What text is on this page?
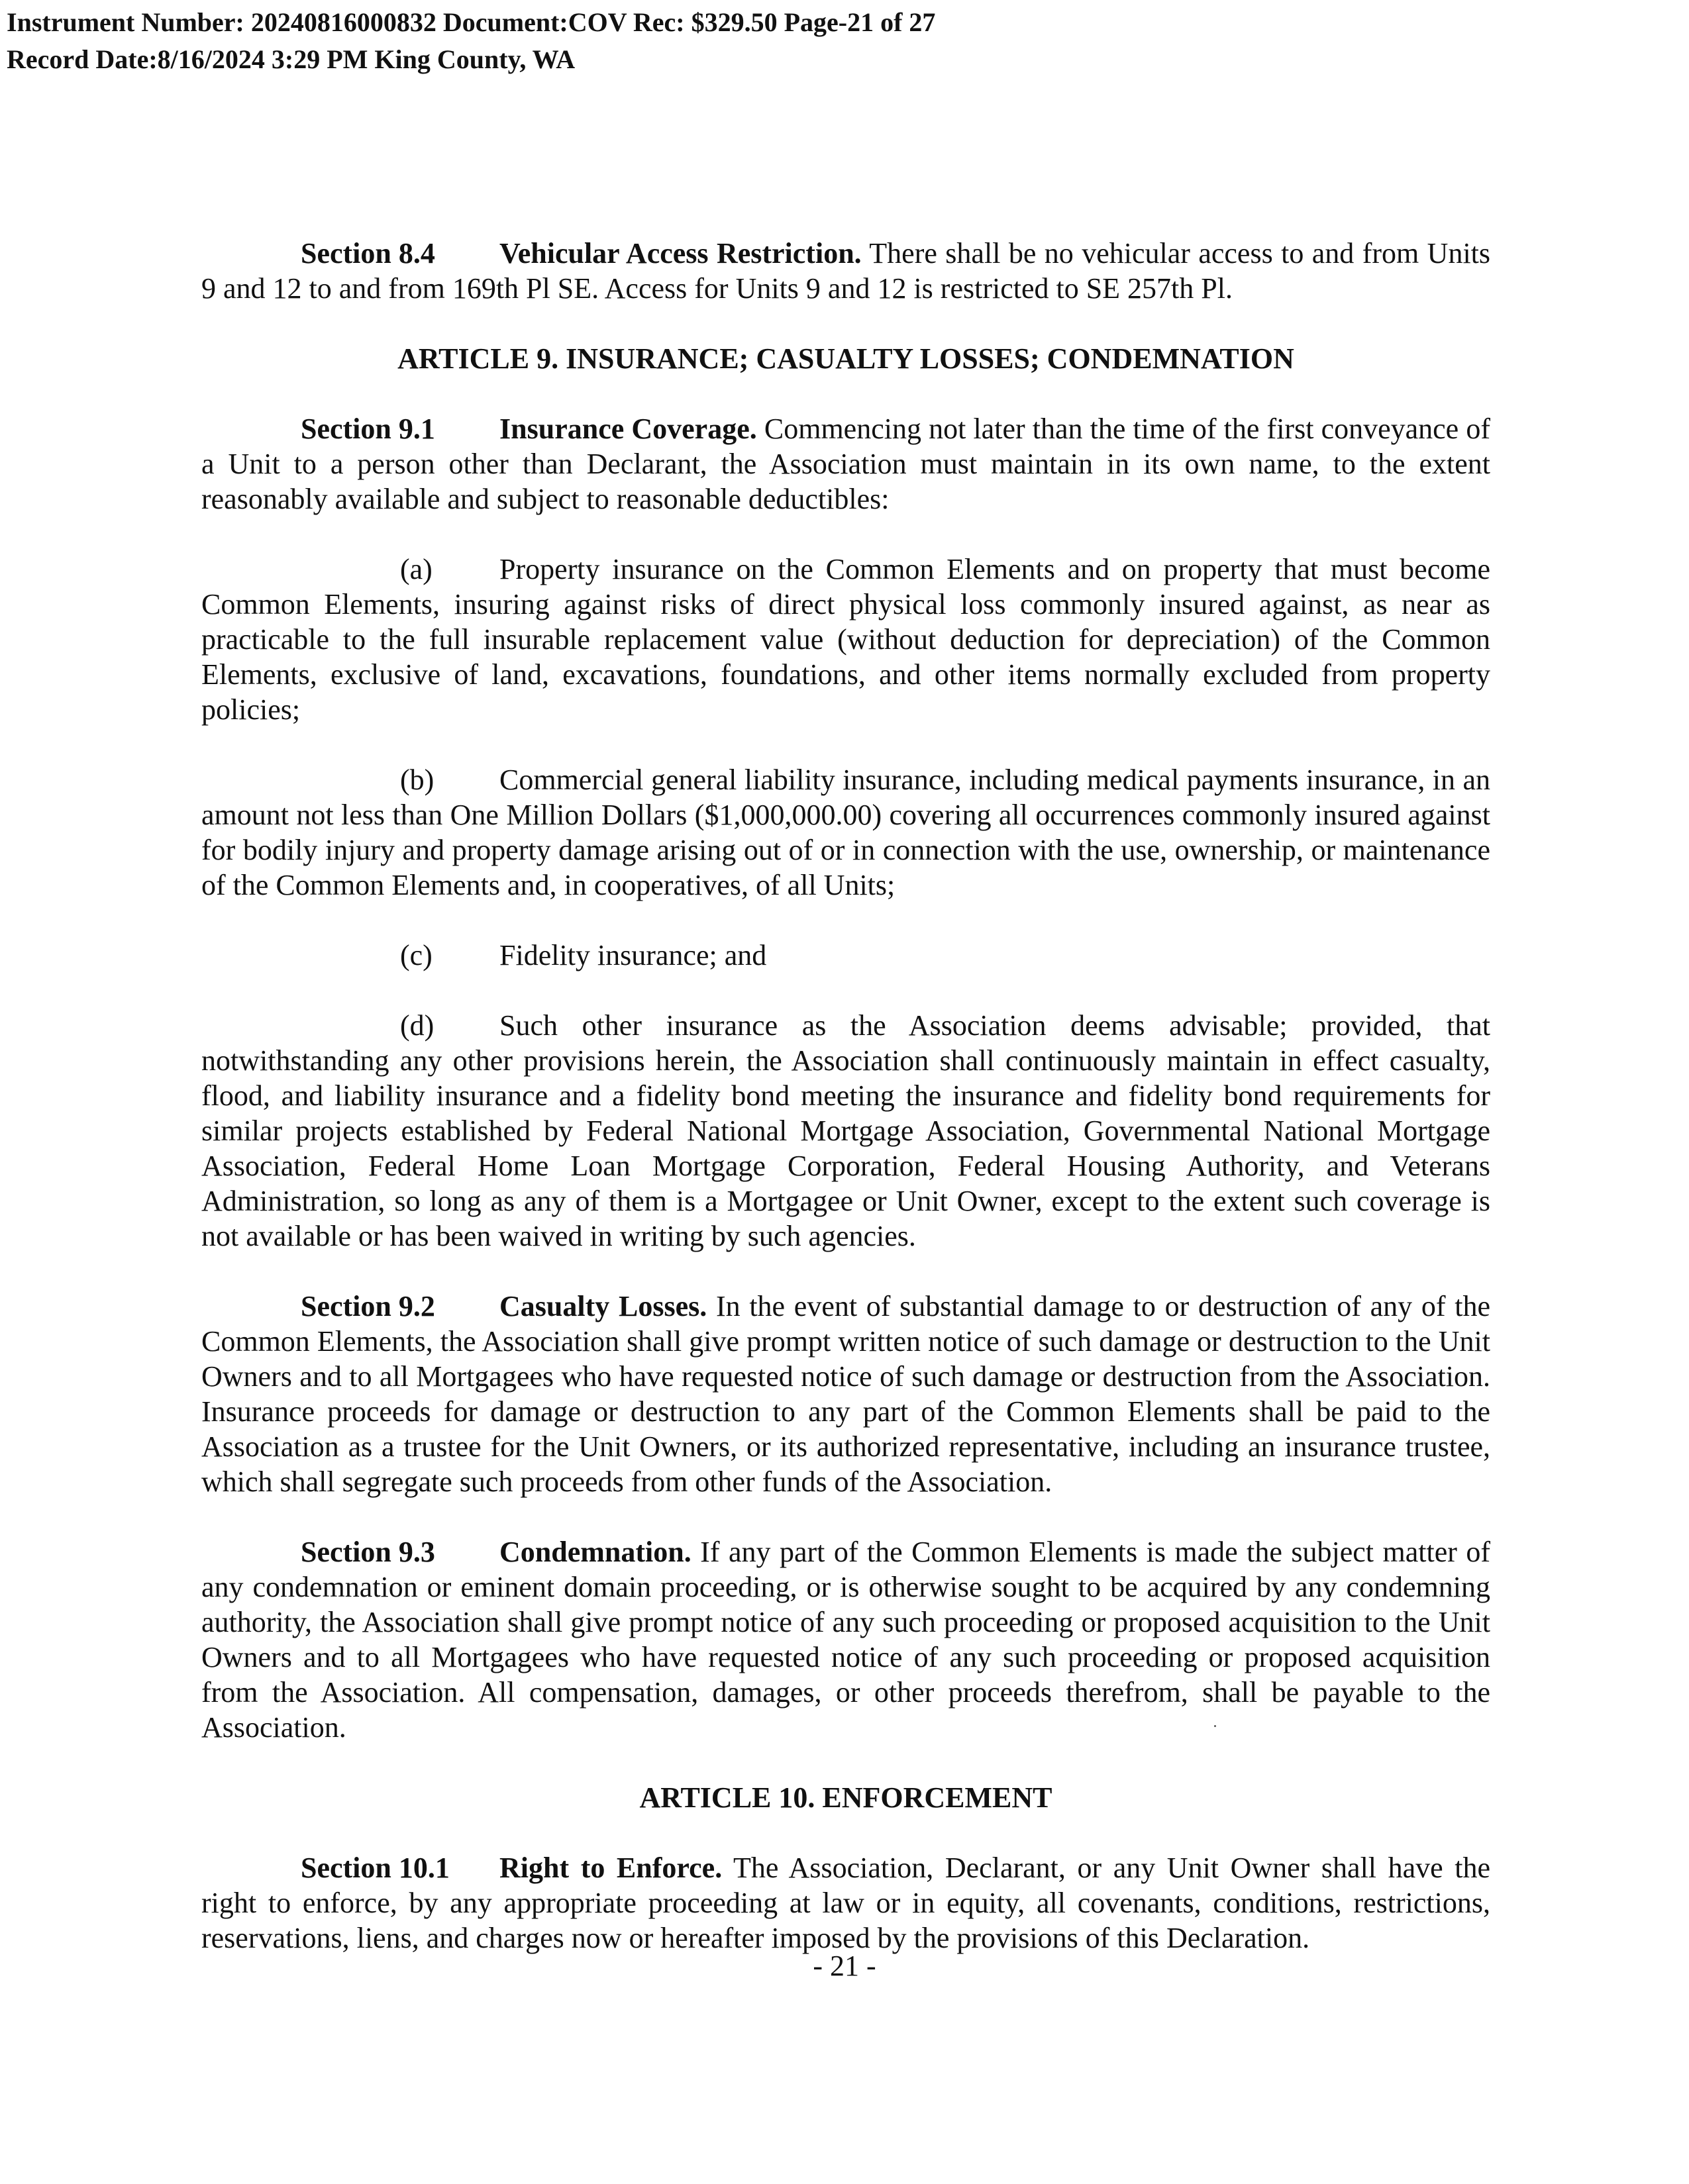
Instrument Number: 20240816000832 Document:COV Rec: $329.50 Page-21 of 27
Record Date:8/16/2024 3:29 PM King County, WA

Section 8.4 Vehicular Access Restriction. There shall be no vehicular access to and from Units 9 and 12 to and from 169th Pl SE. Access for Units 9 and 12 is restricted to SE 257th Pl.

ARTICLE 9. INSURANCE; CASUALTY LOSSES; CONDEMNATION

Section 9.1 Insurance Coverage. Commencing not later than the time of the first conveyance of a Unit to a person other than Declarant, the Association must maintain in its own name, to the extent reasonably available and subject to reasonable deductibles:

(a) Property insurance on the Common Elements and on property that must become Common Elements, insuring against risks of direct physical loss commonly insured against, as near as practicable to the full insurable replacement value (without deduction for depreciation) of the Common Elements, exclusive of land, excavations, foundations, and other items normally excluded from property policies;

(b) Commercial general liability insurance, including medical payments insurance, in an amount not less than One Million Dollars ($1,000,000.00) covering all occurrences commonly insured against for bodily injury and property damage arising out of or in connection with the use, ownership, or maintenance of the Common Elements and, in cooperatives, of all Units;

(c) Fidelity insurance; and

(d) Such other insurance as the Association deems advisable; provided, that notwithstanding any other provisions herein, the Association shall continuously maintain in effect casualty, flood, and liability insurance and a fidelity bond meeting the insurance and fidelity bond requirements for similar projects established by Federal National Mortgage Association, Governmental National Mortgage Association, Federal Home Loan Mortgage Corporation, Federal Housing Authority, and Veterans Administration, so long as any of them is a Mortgagee or Unit Owner, except to the extent such coverage is not available or has been waived in writing by such agencies.

Section 9.2 Casualty Losses. In the event of substantial damage to or destruction of any of the Common Elements, the Association shall give prompt written notice of such damage or destruction to the Unit Owners and to all Mortgagees who have requested notice of such damage or destruction from the Association. Insurance proceeds for damage or destruction to any part of the Common Elements shall be paid to the Association as a trustee for the Unit Owners, or its authorized representative, including an insurance trustee, which shall segregate such proceeds from other funds of the Association.

Section 9.3 Condemnation. If any part of the Common Elements is made the subject matter of any condemnation or eminent domain proceeding, or is otherwise sought to be acquired by any condemning authority, the Association shall give prompt notice of any such proceeding or proposed acquisition to the Unit Owners and to all Mortgagees who have requested notice of any such proceeding or proposed acquisition from the Association. All compensation, damages, or other proceeds therefrom, shall be payable to the Association.

ARTICLE 10. ENFORCEMENT

Section 10.1 Right to Enforce. The Association, Declarant, or any Unit Owner shall have the right to enforce, by any appropriate proceeding at law or in equity, all covenants, conditions, restrictions, reservations, liens, and charges now or hereafter imposed by the provisions of this Declaration.

- 21 -
